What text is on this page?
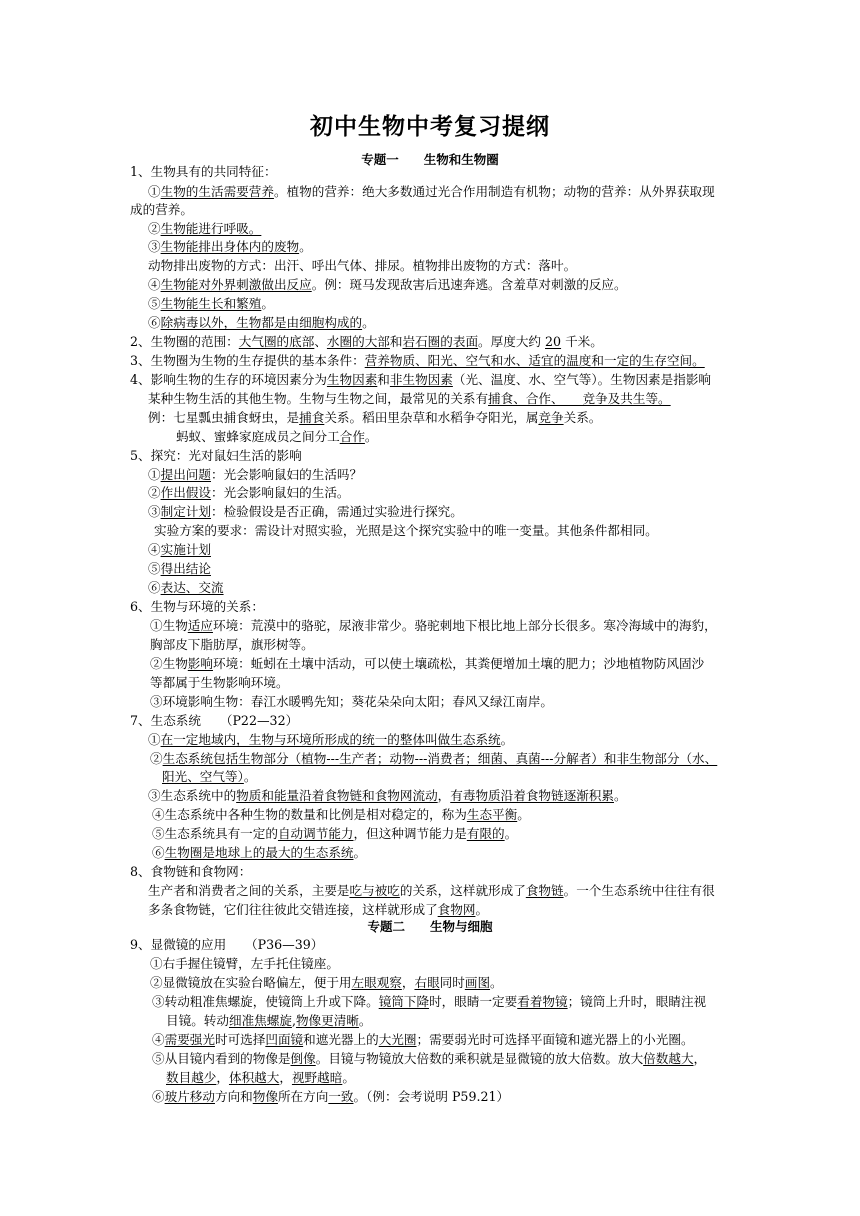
初中生物中考复习提纲
专题一　　生物和生物圈
专题二　　生物与细胞
1、生物具有的共同特征：
①生物的生活需要营养。植物的营养：绝大多数通过光合作用制造有机物；动物的营养：从外界获取现
成的营养。
②生物能进行呼吸。
③生物能排出身体内的废物。
动物排出废物的方式：出汗、呼出气体、排尿。植物排出废物的方式：落叶。
④生物能对外界刺激做出反应。例：斑马发现敌害后迅速奔逃。含羞草对刺激的反应。
⑤生物能生长和繁殖。
⑥除病毒以外，生物都是由细胞构成的。
2、生物圈的范围：大气圈的底部、水圈的大部和岩石圈的表面。厚度大约 20 千米。
3、生物圈为生物的生存提供的基本条件：营养物质、阳光、空气和水、适宜的温度和一定的生存空间。
4、影响生物的生存的环境因素分为生物因素和非生物因素（光、温度、水、空气等）。生物因素是指影响
某种生物生活的其他生物。生物与生物之间，最常见的关系有捕食、合作、　　竞争及共生等。
例：七星瓢虫捕食蚜虫，是捕食关系。稻田里杂草和水稻争夺阳光，属竞争关系。
蚂蚁、蜜蜂家庭成员之间分工合作。
5、探究：光对鼠妇生活的影响
①提出问题：光会影响鼠妇的生活吗？
②作出假设：光会影响鼠妇的生活。
③制定计划：检验假设是否正确，需通过实验进行探究。
实验方案的要求：需设计对照实验，光照是这个探究实验中的唯一变量。其他条件都相同。
④实施计划
⑤得出结论
⑥表达、交流
6、生物与环境的关系：
①生物适应环境：荒漠中的骆驼，尿液非常少。骆驼刺地下根比地上部分长很多。寒冷海域中的海豹，
胸部皮下脂肪厚，旗形树等。
②生物影响环境：蚯蚓在土壤中活动，可以使土壤疏松，其粪便增加土壤的肥力；沙地植物防风固沙
等都属于生物影响环境。
③环境影响生物：春江水暖鸭先知；葵花朵朵向太阳；春风又绿江南岸。
7、生态系统　　（P22—32）
①在一定地域内，生物与环境所形成的统一的整体叫做生态系统。
②生态系统包括生物部分（植物---生产者；动物---消费者；细菌、真菌---分解者）和非生物部分（水、
阳光、空气等）。
③生态系统中的物质和能量沿着食物链和食物网流动，有毒物质沿着食物链逐渐积累。
④生态系统中各种生物的数量和比例是相对稳定的，称为生态平衡。
⑤生态系统具有一定的自动调节能力，但这种调节能力是有限的。
⑥生物圈是地球上的最大的生态系统。
8、食物链和食物网：
生产者和消费者之间的关系，主要是吃与被吃的关系，这样就形成了食物链。一个生态系统中往往有很
多条食物链，它们往往彼此交错连接，这样就形成了食物网。
9、显微镜的应用　　（P36—39）
①右手握住镜臂，左手托住镜座。
②显微镜放在实验台略偏左，便于用左眼观察，右眼同时画图。
③转动粗准焦螺旋，使镜筒上升或下降。镜筒下降时，眼睛一定要看着物镜；镜筒上升时，眼睛注视
目镜。转动细准焦螺旋,物像更清晰。
④需要强光时可选择凹面镜和遮光器上的大光圈；需要弱光时可选择平面镜和遮光器上的小光圈。
⑤从目镜内看到的物像是倒像。目镜与物镜放大倍数的乘积就是显微镜的放大倍数。放大倍数越大，
数目越少，体积越大，视野越暗。
⑥玻片移动方向和物像所在方向一致。（例：会考说明 P59.21）
